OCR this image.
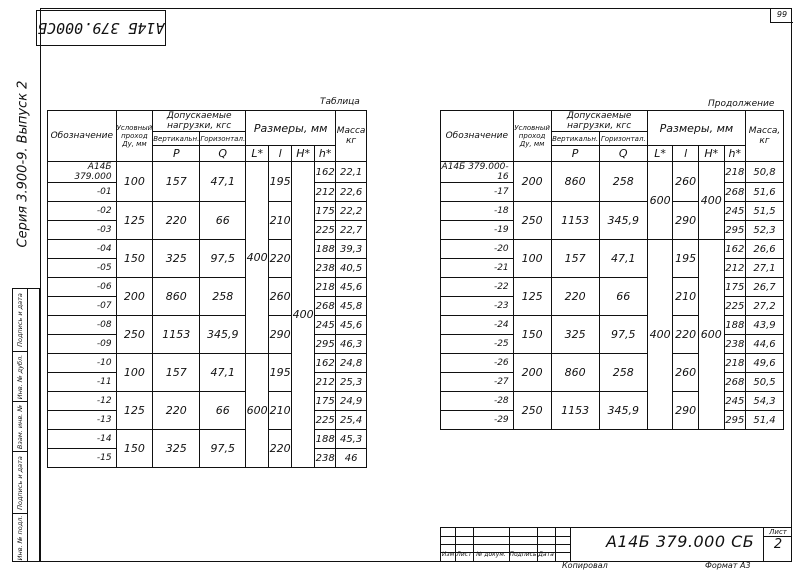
А14Б 379.000СБ
99
Серия 3.900-9. Выпуск 2
Подпись и дата
Инв. № дубл.
Взам. инв. №
Подпись и дата
Инв. № подл.
Таблица	Продолжение
Обозначение	Условный проход Ду, мм	Допускаемые нагрузки, кгс		Размеры, мм				Масса кг
		Вертикальн.	Горизонтал.					
		P	Q	L*	l	H*	h*	
А14Б 379.000	100	157	47,1	400	195	400	162	22,1
-01							212	22,6
-02	125	220	66		210		175	22,2
-03							225	22,7
-04	150	325	97,5		220		188	39,3
-05							238	40,5
-06	200	860	258		260		218	45,6
-07							268	45,8
-08	250	1153	345,9		290		245	45,6
-09							295	46,3
-10	100	157	47,1	600	195		162	24,8
-11							212	25,3
-12	125	220	66		210		175	24,9
-13							225	25,4
-14	150	325	97,5		220		188	45,3
-15							238	46
Обозначение	Условный проход Ду, мм	Допускаемые нагрузки, кгс		Размеры, мм				Масса, кг
		Вертикальн.	Горизонтал.					
		P	Q	L*	l	H*	h*	
А14Б 379.000-16	200	860	258	600	260	400	218	50,8
-17							268	51,6
-18	250	1153	345,9		290		245	51,5
-19							295	52,3
-20	100	157	47,1	400	195	600	162	26,6
-21							212	27,1
-22	125	220	66		210		175	26,7
-23							225	27,2
-24	150	325	97,5		220		188	43,9
-25							238	44,6
-26	200	860	258		260		218	49,6
-27							268	50,5
-28	250	1153	345,9		290		245	54,3
-29							295	51,4
Изм Лист № докум. Подпись Дата
А14Б 379.000 СБ	Лист
2
Копировал	Формат А3
